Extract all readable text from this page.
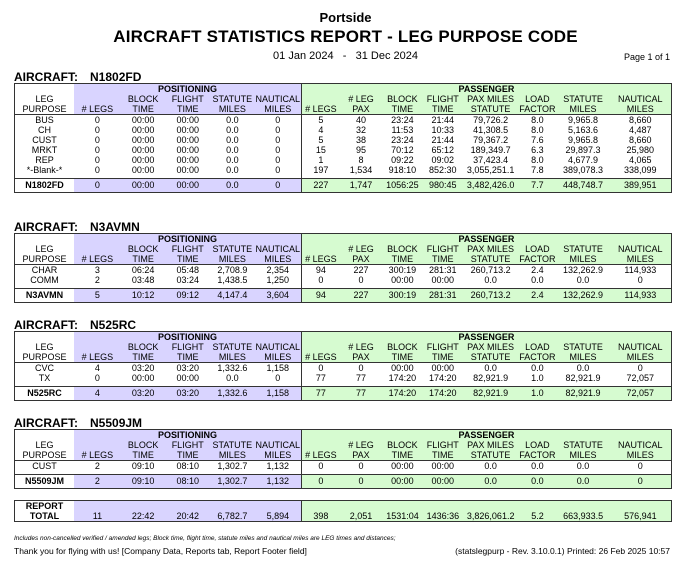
Portside
AIRCRAFT STATISTICS REPORT - LEG PURPOSE CODE
01 Jan 2024   -   31 Dec 2024	Page 1 of 1
AIRCRAFT: N1802FD
	POSITIONING					PASSENGER							
LEG		BLOCK	FLIGHT	STATUTE	NAUTICAL		# LEG	BLOCK	FLIGHT	PAX MILES	LOAD	STATUTE	NAUTICAL
PURPOSE	# LEGS	TIME	TIME	MILES	MILES	# LEGS	PAX	TIME	TIME	STATUTE	FACTOR	MILES	MILES
BUS	0	00:00	00:00	0.0	0	5	40	23:24	21:44	79,726.2	8.0	9,965.8	8,660
CH	0	00:00	00:00	0.0	0	4	32	11:53	10:33	41,308.5	8.0	5,163.6	4,487
CUST	0	00:00	00:00	0.0	0	5	38	23:24	21:44	79,367.2	7.6	9,965.8	8,660
MRKT	0	00:00	00:00	0.0	0	15	95	70:12	65:12	189,349.7	6.3	29,897.3	25,980
REP	0	00:00	00:00	0.0	0	1	8	09:22	09:02	37,423.4	8.0	4,677.9	4,065
*-Blank-*	0	00:00	00:00	0.0	0	197	1,534	918:10	852:30	3,055,251.1	7.8	389,078.3	338,099

N1802FD	0	00:00	00:00	0.0	0	227	1,747	1056:25	980:45	3,482,426.0	7.7	448,748.7	389,951
AIRCRAFT: N3AVMN
	POSITIONING					PASSENGER							
LEG		BLOCK	FLIGHT	STATUTE	NAUTICAL		# LEG	BLOCK	FLIGHT	PAX MILES	LOAD	STATUTE	NAUTICAL
PURPOSE	# LEGS	TIME	TIME	MILES	MILES	# LEGS	PAX	TIME	TIME	STATUTE	FACTOR	MILES	MILES
CHAR	3	06:24	05:48	2,708.9	2,354	94	227	300:19	281:31	260,713.2	2.4	132,262.9	114,933
COMM	2	03:48	03:24	1,438.5	1,250	0	0	00:00	00:00	0.0	0.0	0.0	0

N3AVMN	5	10:12	09:12	4,147.4	3,604	94	227	300:19	281:31	260,713.2	2.4	132,262.9	114,933
AIRCRAFT: N525RC
	POSITIONING					PASSENGER							
LEG		BLOCK	FLIGHT	STATUTE	NAUTICAL		# LEG	BLOCK	FLIGHT	PAX MILES	LOAD	STATUTE	NAUTICAL
PURPOSE	# LEGS	TIME	TIME	MILES	MILES	# LEGS	PAX	TIME	TIME	STATUTE	FACTOR	MILES	MILES
CVC	4	03:20	03:20	1,332.6	1,158	0	0	00:00	00:00	0.0	0.0	0.0	0
TX	0	00:00	00:00	0.0	0	77	77	174:20	174:20	82,921.9	1.0	82,921.9	72,057

N525RC	4	03:20	03:20	1,332.6	1,158	77	77	174:20	174:20	82,921.9	1.0	82,921.9	72,057
AIRCRAFT: N5509JM
	POSITIONING					PASSENGER							
LEG		BLOCK	FLIGHT	STATUTE	NAUTICAL		# LEG	BLOCK	FLIGHT	PAX MILES	LOAD	STATUTE	NAUTICAL
PURPOSE	# LEGS	TIME	TIME	MILES	MILES	# LEGS	PAX	TIME	TIME	STATUTE	FACTOR	MILES	MILES
CUST	2	09:10	08:10	1,302.7	1,132	0	0	00:00	00:00	0.0	0.0	0.0	0

N5509JM	2	09:10	08:10	1,302.7	1,132	0	0	00:00	00:00	0.0	0.0	0.0	0
REPORT													
TOTAL	11	22:42	20:42	6,782.7	5,894	398	2,051	1531:04	1436:36	3,826,061.2	5.2	663,933.5	576,941
Includes non-cancelled verified / amended legs; Block time, flight time, statute miles and nautical miles are LEG times and distances;
Thank you for flying with us! [Company Data, Reports tab, Report Footer field]	(statslegpurp - Rev. 3.10.0.1) Printed: 26 Feb 2025 10:57
